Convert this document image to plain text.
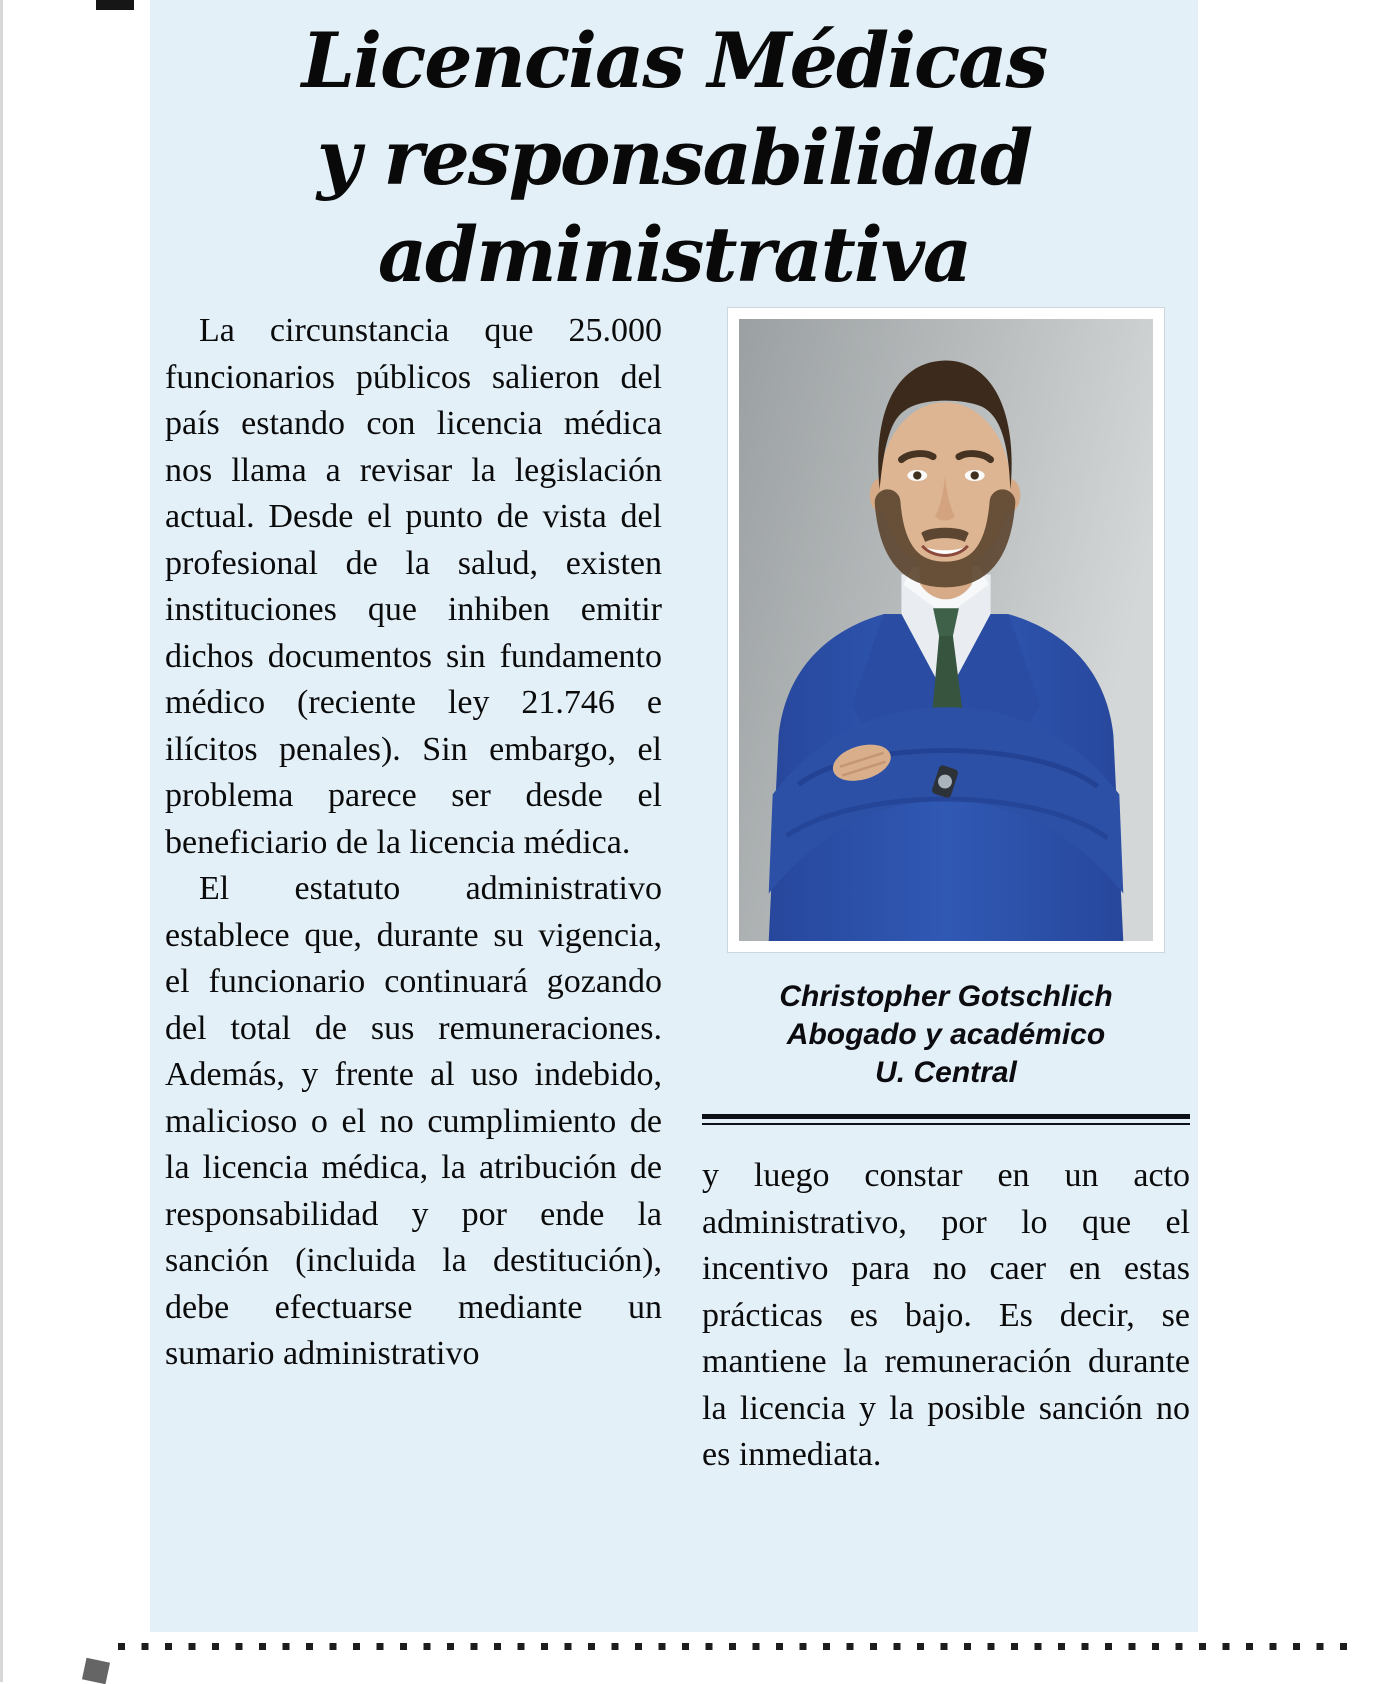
Licencias Médicas
y responsabilidad
administrativa

La circunstancia que 25.000 funcionarios públicos salieron del país estando con licencia médica nos llama a revisar la legislación actual. Desde el punto de vista del profesional de la salud, existen instituciones que inhiben emitir dichos documentos sin fundamento médico (reciente ley 21.746 e ilícitos penales). Sin embargo, el problema parece ser desde el beneficiario de la licencia médica.

El estatuto administrativo establece que, durante su vigencia, el funcionario continuará gozando del total de sus remuneraciones. Además, y frente al uso indebido, malicioso o el no cumplimiento de la licencia médica, la atribución de responsabilidad y por ende la sanción (incluida la destitución), debe efectuarse mediante un sumario administrativo

Christopher Gotschlich
Abogado y académico
U. Central

y luego constar en un acto administrativo, por lo que el incentivo para no caer en estas prácticas es bajo. Es decir, se mantiene la remuneración durante la licencia y la posible sanción no es inmediata.
